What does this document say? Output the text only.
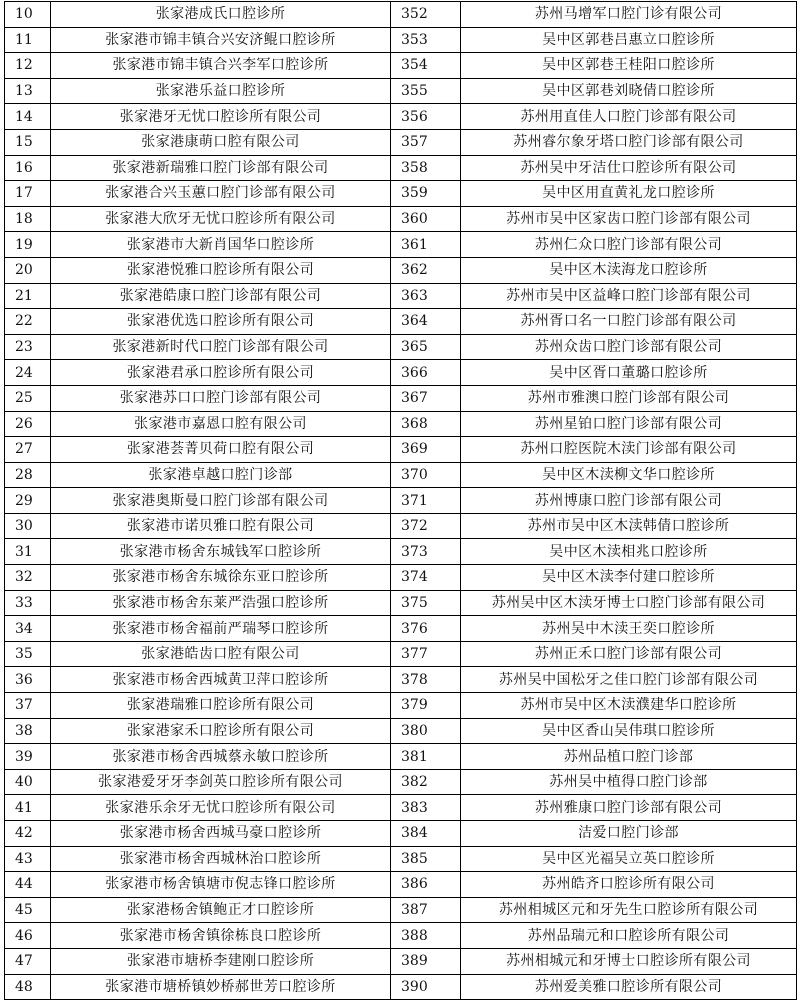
10	张家港成氏口腔诊所	352	苏州马增军口腔门诊有限公司
11	张家港市锦丰镇合兴安济鲲口腔诊所	353	吴中区郭巷吕惠立口腔诊所
12	张家港市锦丰镇合兴李军口腔诊所	354	吴中区郭巷王桂阳口腔诊所
13	张家港乐益口腔诊所	355	吴中区郭巷刘晓倩口腔诊所
14	张家港牙无忧口腔诊所有限公司	356	苏州用直佳人口腔门诊部有限公司
15	张家港康萌口腔有限公司	357	苏州睿尔象牙塔口腔门诊部有限公司
16	张家港新瑞雅口腔门诊部有限公司	358	苏州吴中牙洁仕口腔诊所有限公司
17	张家港合兴玉蕙口腔门诊部有限公司	359	吴中区用直黄礼龙口腔诊所
18	张家港大欣牙无忧口腔诊所有限公司	360	苏州市吴中区家齿口腔门诊部有限公司
19	张家港市大新肖国华口腔诊所	361	苏州仁众口腔门诊部有限公司
20	张家港悦雅口腔诊所有限公司	362	吴中区木渎海龙口腔诊所
21	张家港皓康口腔门诊部有限公司	363	苏州市吴中区益峰口腔门诊部有限公司
22	张家港优选口腔诊所有限公司	364	苏州胥口名一口腔门诊部有限公司
23	张家港新时代口腔门诊部有限公司	365	苏州众齿口腔门诊部有限公司
24	张家港君承口腔诊所有限公司	366	吴中区胥口董璐口腔诊所
25	张家港苏口口腔门诊部有限公司	367	苏州市雅澳口腔门诊部有限公司
26	张家港市嘉恩口腔有限公司	368	苏州星铂口腔门诊部有限公司
27	张家港荟菁贝荷口腔有限公司	369	苏州口腔医院木渎门诊部有限公司
28	张家港卓越口腔门诊部	370	吴中区木渎柳文华口腔诊所
29	张家港奥斯曼口腔门诊部有限公司	371	苏州博康口腔门诊部有限公司
30	张家港市诺贝雅口腔有限公司	372	苏州市吴中区木渎韩倩口腔诊所
31	张家港市杨舍东城钱军口腔诊所	373	吴中区木渎相兆口腔诊所
32	张家港市杨舍东城徐东亚口腔诊所	374	吴中区木渎李付建口腔诊所
33	张家港市杨舍东莱严浩强口腔诊所	375	苏州吴中区木渎牙博士口腔门诊部有限公司
34	张家港市杨舍福前严瑞琴口腔诊所	376	苏州吴中木渎王奕口腔诊所
35	张家港皓齿口腔有限公司	377	苏州正禾口腔门诊部有限公司
36	张家港市杨舍西城黄卫萍口腔诊所	378	苏州吴中国松牙之佳口腔门诊部有限公司
37	张家港瑞雅口腔诊所有限公司	379	苏州市吴中区木渎濮建华口腔诊所
38	张家港家禾口腔诊所有限公司	380	吴中区香山吴伟琪口腔诊所
39	张家港市杨舍西城蔡永敏口腔诊所	381	苏州品植口腔门诊部
40	张家港爱牙牙李剑英口腔诊所有限公司	382	苏州吴中植得口腔门诊部
41	张家港乐余牙无忧口腔诊所有限公司	383	苏州雅康口腔门诊部有限公司
42	张家港市杨舍西城马豪口腔诊所	384	洁爱口腔门诊部
43	张家港市杨舍西城林治口腔诊所	385	吴中区光福吴立英口腔诊所
44	张家港市杨舍镇塘市倪志锋口腔诊所	386	苏州皓齐口腔诊所有限公司
45	张家港杨舍镇鲍正才口腔诊所	387	苏州相城区元和牙先生口腔诊所有限公司
46	张家港市杨舍镇徐栋良口腔诊所	388	苏州品瑞元和口腔诊所有限公司
47	张家港市塘桥李建刚口腔诊所	389	苏州相城元和牙博士口腔诊所有限公司
48	张家港市塘桥镇妙桥郝世芳口腔诊所	390	苏州爱美雅口腔诊所有限公司
